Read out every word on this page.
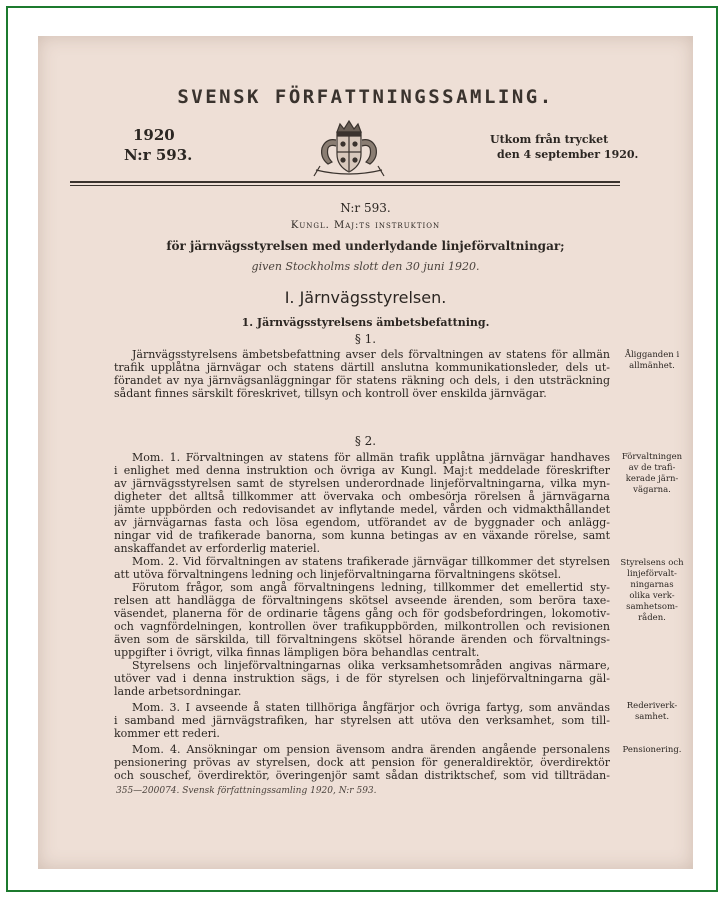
SVENSK FÖRFATTNINGSSAMLING.
1920
N:r 593.
Utkom från trycket
den 4 september 1920.
N:r 593.
Kungl. Maj:ts instruktion
för järnvägsstyrelsen med underlydande linjeförvaltningar;
given Stockholms slott den 30 juni 1920.
I. Järnvägsstyrelsen.
1. Järnvägsstyrelsens ämbetsbefattning.
§ 1.
§ 2.
Järnvägsstyrelsens ämbetsbefattning avser dels förvaltningen av statens för allmän
trafik upplåtna järnvägar och statens därtill anslutna kommunikationsleder, dels ut-
förandet av nya järnvägsanläggningar för statens räkning och dels, i den utsträckning
sådant finnes särskilt föreskrivet, tillsyn och kontroll över enskilda järnvägar.
Mom. 1. Förvaltningen av statens för allmän trafik upplåtna järnvägar handhaves
i enlighet med denna instruktion och övriga av Kungl. Maj:t meddelade föreskrifter
av järnvägsstyrelsen samt de styrelsen underordnade linjeförvaltningarna, vilka myn-
digheter det alltså tillkommer att övervaka och ombesörja rörelsen å järnvägarna
jämte uppbörden och redovisandet av inflytande medel, vården och vidmakthållandet
av järnvägarnas fasta och lösa egendom, utförandet av de byggnader och anlägg-
ningar vid de trafikerade banorna, som kunna betingas av en växande rörelse, samt
anskaffandet av erforderlig materiel.
Mom. 2. Vid förvaltningen av statens trafikerade järnvägar tillkommer det styrelsen
att utöva förvaltningens ledning och linjeförvaltningarna förvaltningens skötsel.
Förutom frågor, som angå förvaltningens ledning, tillkommer det emellertid sty-
relsen att handlägga de förvaltningens skötsel avseende ärenden, som beröra taxe-
väsendet, planerna för de ordinarie tågens gång och för godsbefordringen, lokomotiv-
och vagnfördelningen, kontrollen över trafikuppbörden, milkontrollen och revisionen
även som de särskilda, till förvaltningens skötsel hörande ärenden och förvaltnings-
uppgifter i övrigt, vilka finnas lämpligen böra behandlas centralt.
Styrelsens och linjeförvaltningarnas olika verksamhetsområden angivas närmare,
utöver vad i denna instruktion sägs, i de för styrelsen och linjeförvaltningarna gäl-
lande arbetsordningar.
Mom. 3. I avseende å staten tillhöriga ångfärjor och övriga fartyg, som användas
i samband med järnvägstrafiken, har styrelsen att utöva den verksamhet, som till-
kommer ett rederi.
Mom. 4. Ansökningar om pension ävensom andra ärenden angående personalens
pensionering prövas av styrelsen, dock att pension för generaldirektör, överdirektör
och souschef, överdirektör, överingenjör samt sådan distriktschef, som vid tillträdan-
Åligganden i
allmänhet.
Förvaltningen
av de trafi-
kerade järn-
vägarna.
Styrelsens och
linjeförvalt-
ningarnas
olika verk-
samhetsom-
råden.
Rederiverk-
samhet.
Pensionering.
355—200074. Svensk författningssamling 1920, N:r 593.
